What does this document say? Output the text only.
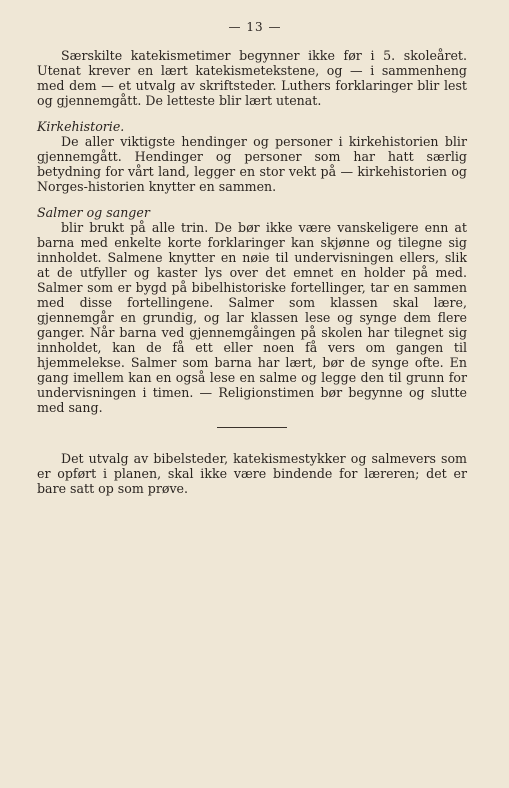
— 13 —

Særskilte katekismetimer begynner ikke før i 5. skoleåret. Utenat krever en lært katekismetekstene, og — i sammenheng med dem — et utvalg av skriftsteder. Luthers forklaringer blir lest og gjennemgått. De letteste blir lært utenat.

Kirkehistorie.

De aller viktigste hendinger og personer i kirkehistorien blir gjennemgått. Hendinger og personer som har hatt særlig betydning for vårt land, legger en stor vekt på — kirkehistorien og Norges-historien knytter en sammen.

Salmer og sanger

blir brukt på alle trin. De bør ikke være vanskeligere enn at barna med enkelte korte forklaringer kan skjønne og tilegne sig innholdet. Salmene knytter en nøie til undervisningen ellers, slik at de utfyller og kaster lys over det emnet en holder på med. Salmer som er bygd på bibelhistoriske fortellinger, tar en sammen med disse fortellingene. Salmer som klassen skal lære, gjennemgår en grundig, og lar klassen lese og synge dem flere ganger. Når barna ved gjennemgåingen på skolen har tilegnet sig innholdet, kan de få ett eller noen få vers om gangen til hjemmelekse. Salmer som barna har lært, bør de synge ofte. En gang imellem kan en også lese en salme og legge den til grunn for undervisningen i timen. — Religionstimen bør begynne og slutte med sang.

Det utvalg av bibelsteder, katekismestykker og salmevers som er opført i planen, skal ikke være bindende for læreren; det er bare satt op som prøve.
